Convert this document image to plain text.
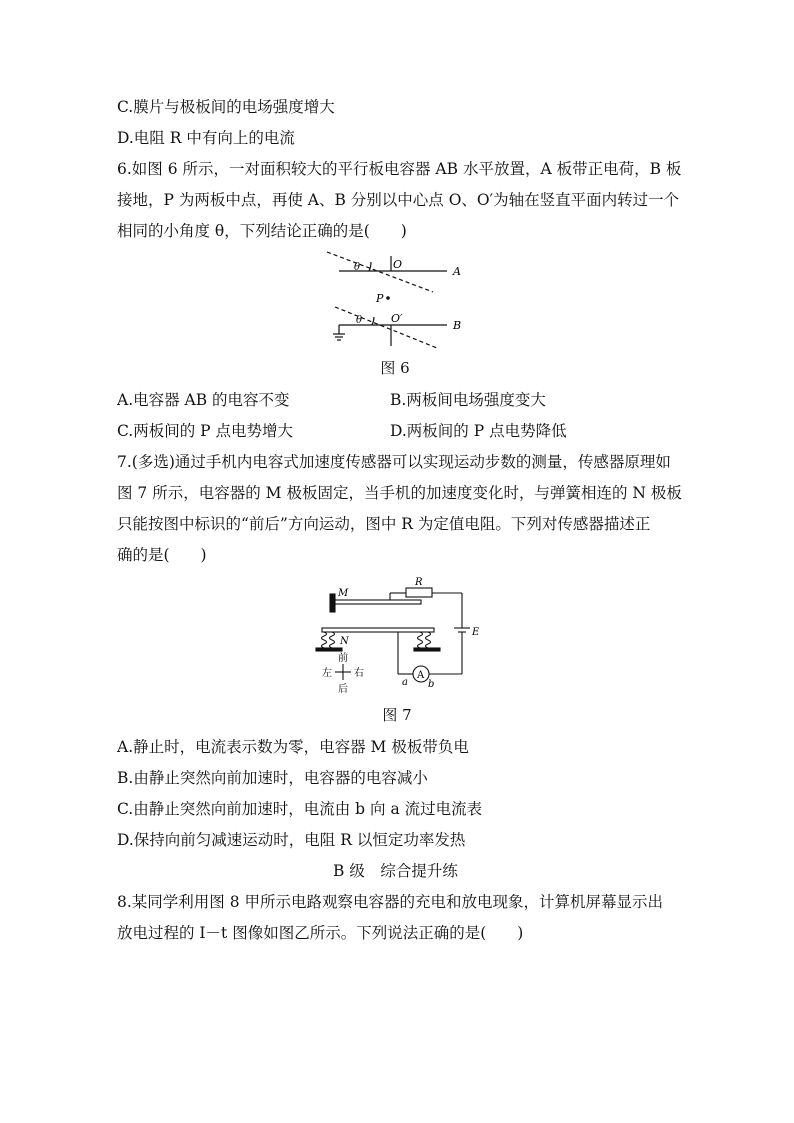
C.膜片与极板间的电场强度增大
D.电阻 R 中有向上的电流
6.如图 6 所示，一对面积较大的平行板电容器 AB 水平放置，A 板带正电荷，B 板
接地，P 为两板中点，再使 A、B 分别以中心点 O、O′为轴在竖直平面内转过一个
相同的小角度 θ，下列结论正确的是(　　)
θ	O
A
P
θ	O′
B
图 6
A.电容器 AB 的电容不变	B.两板间电场强度变大
C.两板间的 P 点电势增大	D.两板间的 P 点电势降低
7.(多选)通过手机内电容式加速度传感器可以实现运动步数的测量，传感器原理如
图 7 所示，电容器的 M 极板固定，当手机的加速度变化时，与弹簧相连的 N 极板
只能按图中标识的“前后”方向运动，图中 R 为定值电阻。下列对传感器描述正
确的是(　　)
M
R
E
N
A
a b
前
后
左 右
图 7
A.静止时，电流表示数为零，电容器 M 极板带负电
B.由静止突然向前加速时，电容器的电容减小
C.由静止突然向前加速时，电流由 b 向 a 流过电流表
D.保持向前匀减速运动时，电阻 R 以恒定功率发热
B 级　综合提升练
8.某同学利用图 8 甲所示电路观察电容器的充电和放电现象，计算机屏幕显示出
放电过程的 I－t 图像如图乙所示。下列说法正确的是(　　)
